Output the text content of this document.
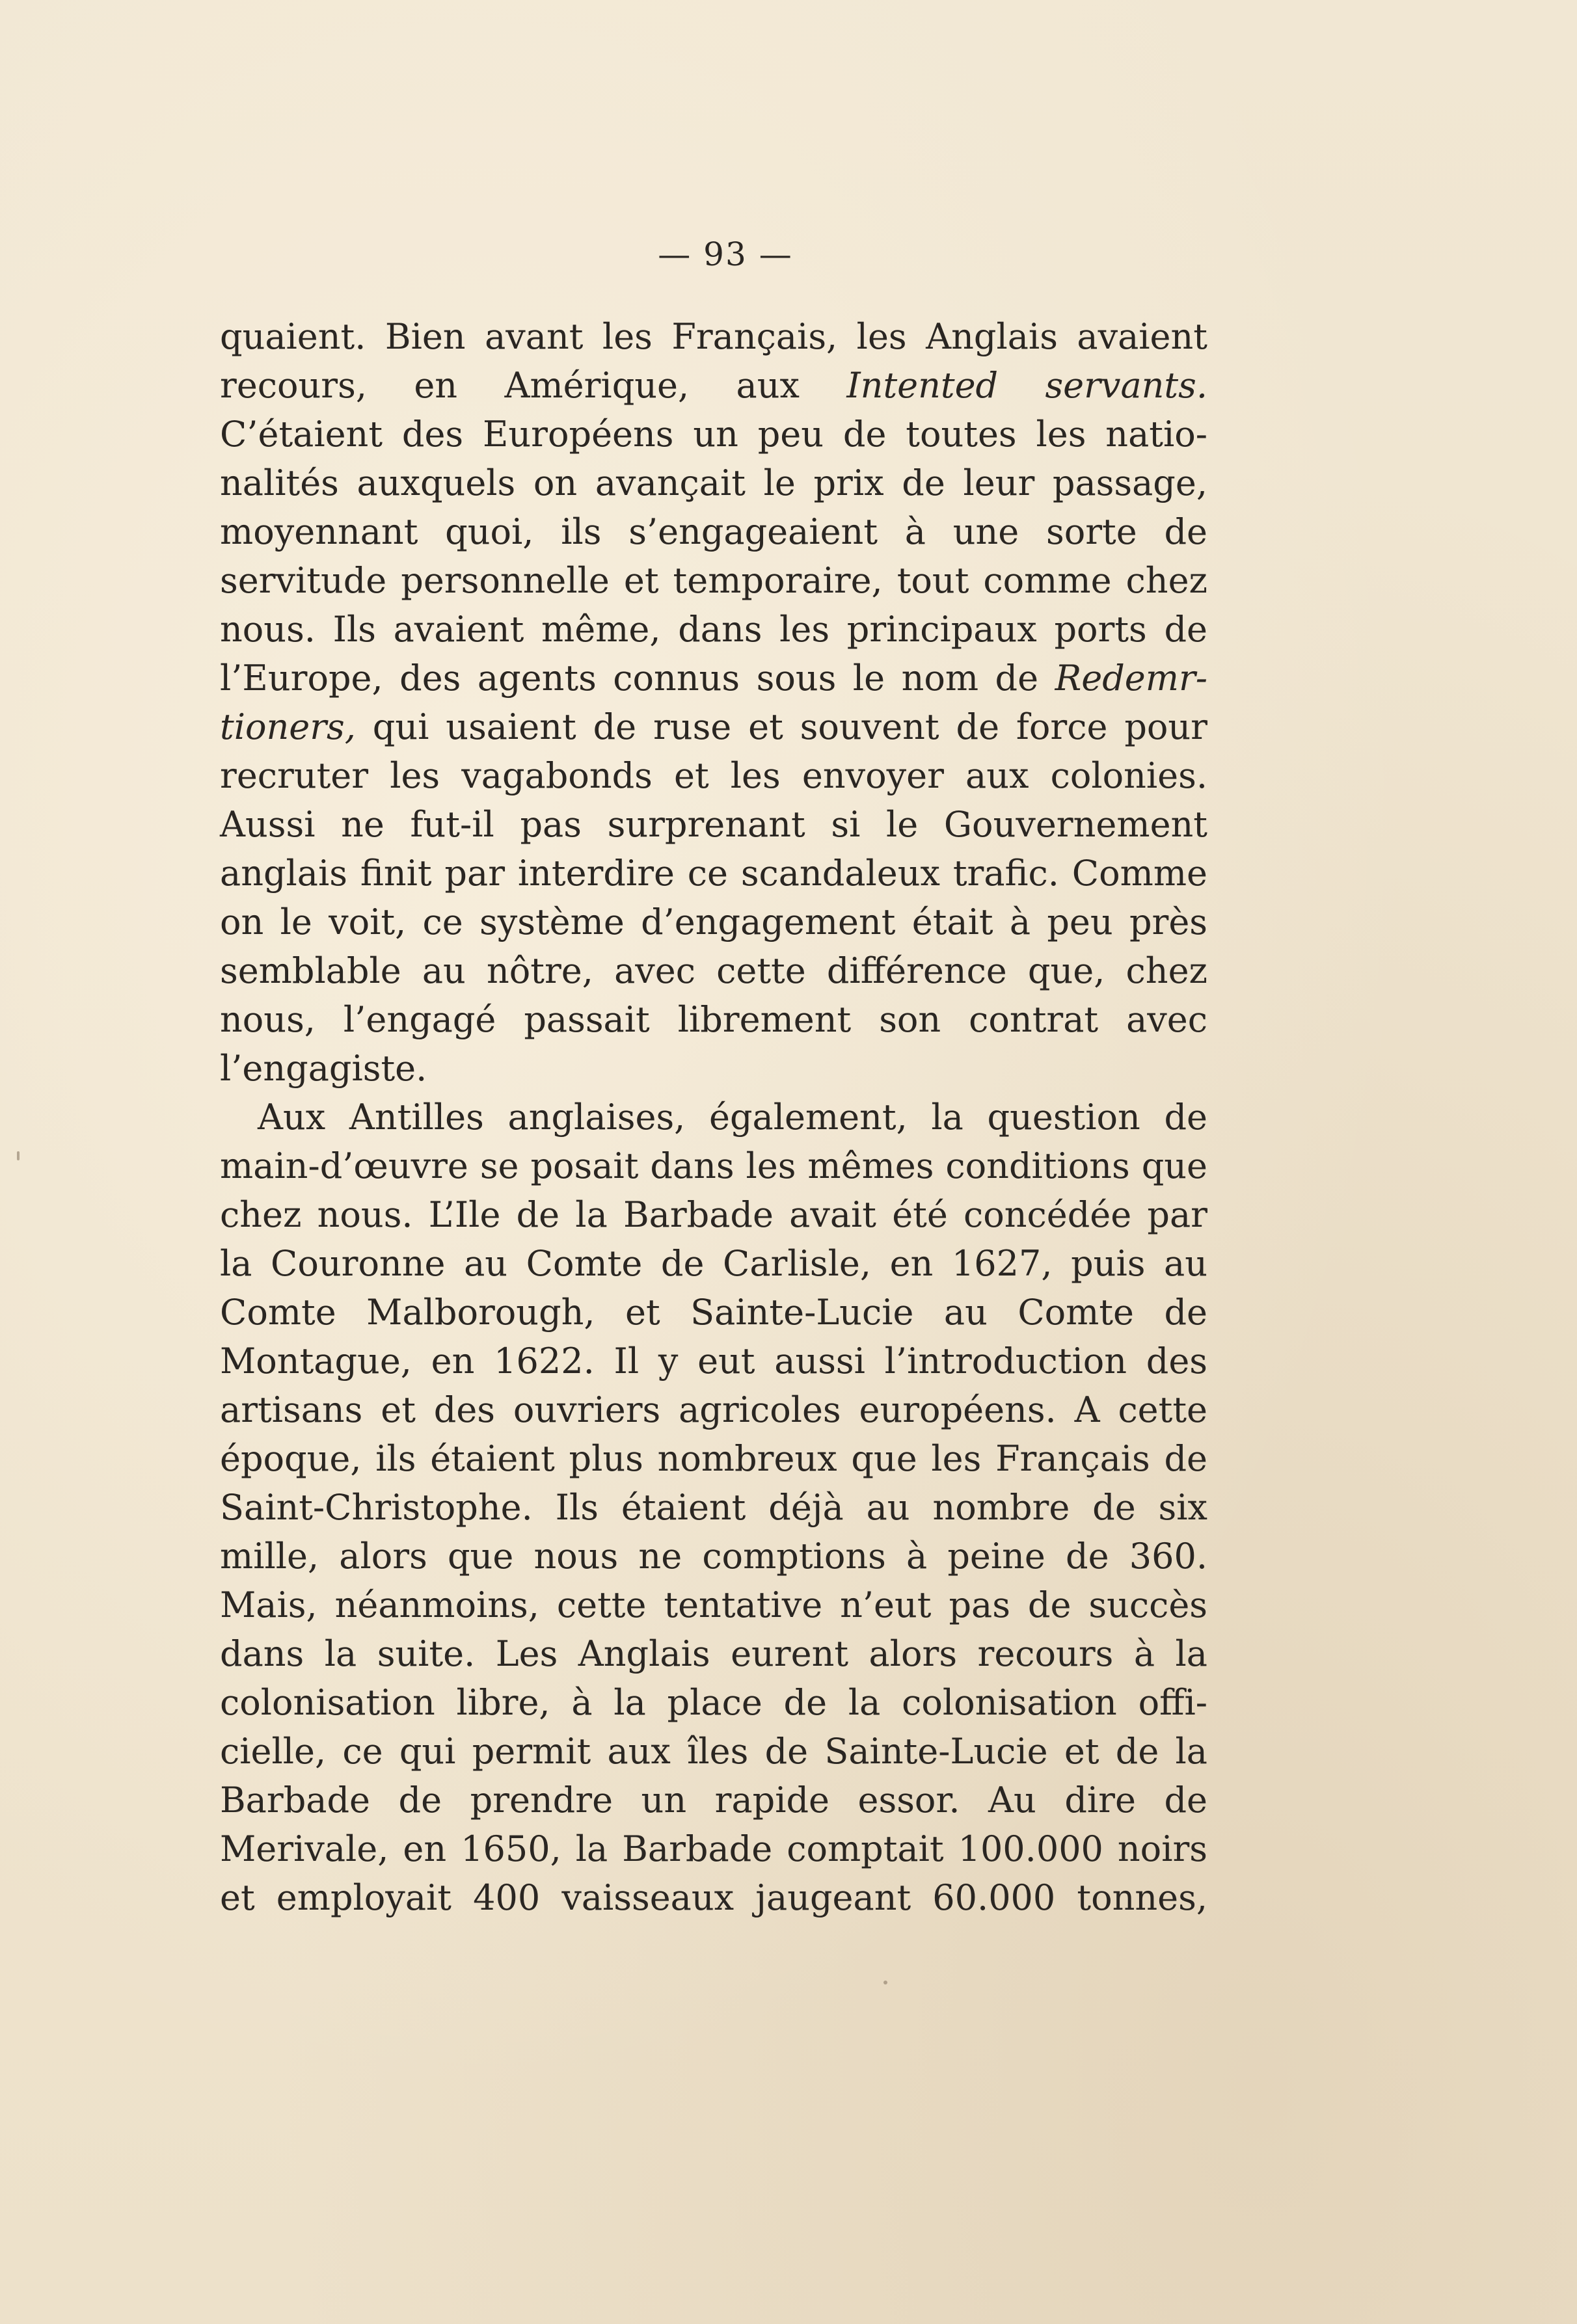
— 93 —
quaient. Bien avant les Français, les Anglais avaient
recours, en Amérique, aux Intented servants.
C’étaient des Européens un peu de toutes les natio-
nalités auxquels on avançait le prix de leur passage,
moyennant quoi, ils s’engageaient à une sorte de
servitude personnelle et temporaire, tout comme chez
nous. Ils avaient même, dans les principaux ports de
l’Europe, des agents connus sous le nom de Redemr-
tioners, qui usaient de ruse et souvent de force pour
recruter les vagabonds et les envoyer aux colonies.
Aussi ne fut-il pas surprenant si le Gouvernement
anglais finit par interdire ce scandaleux trafic. Comme
on le voit, ce système d’engagement était à peu près
semblable au nôtre, avec cette différence que, chez
nous, l’engagé passait librement son contrat avec
l’engagiste.
Aux Antilles anglaises, également, la question de
main-d’œuvre se posait dans les mêmes conditions que
chez nous. L’Ile de la Barbade avait été concédée par
la Couronne au Comte de Carlisle, en 1627, puis au
Comte Malborough, et Sainte-Lucie au Comte de
Montague, en 1622. Il y eut aussi l’introduction des
artisans et des ouvriers agricoles européens. A cette
époque, ils étaient plus nombreux que les Français de
Saint-Christophe. Ils étaient déjà au nombre de six
mille, alors que nous ne comptions à peine de 360.
Mais, néanmoins, cette tentative n’eut pas de succès
dans la suite. Les Anglais eurent alors recours à la
colonisation libre, à la place de la colonisation offi-
cielle, ce qui permit aux îles de Sainte-Lucie et de la
Barbade de prendre un rapide essor. Au dire de
Merivale, en 1650, la Barbade comptait 100.000 noirs
et employait 400 vaisseaux jaugeant 60.000 tonnes,
